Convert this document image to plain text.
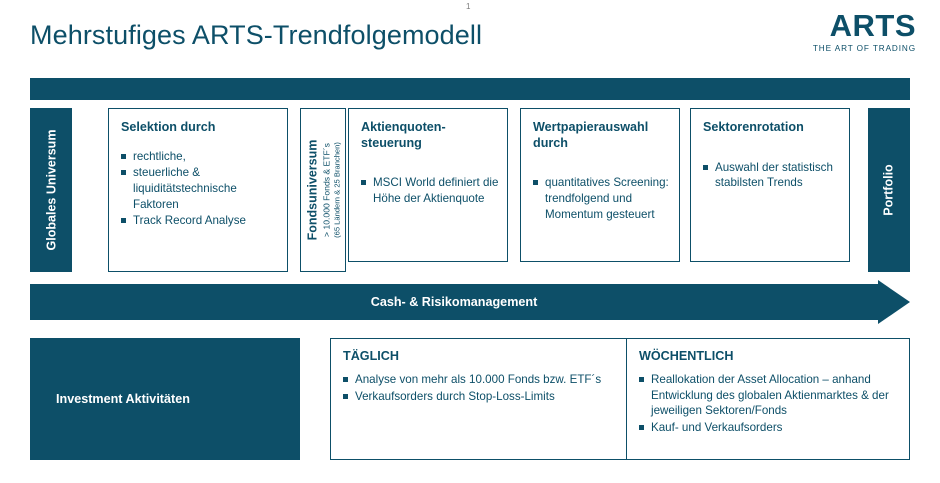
1
Mehrstufiges ARTS-Trendfolgemodell	ARTS
THE ART OF TRADING
Globales Universum
Selektion durch
rechtliche,
steuerliche & liquiditätstechnische Faktoren
Track Record Analyse	Fondsuniversum > 10.000 Fonds & ETF´s (65 Ländern & 25 Branchen)
Aktienquoten-steuerung
MSCI World definiert die Höhe der Aktienquote
Wertpapierauswahl durch
quantitatives Screening: trendfolgend und Momentum gesteuert
Sektorenrotation
Auswahl der statistisch stabilsten Trends	Portfolio
Cash- & Risikomanagement
Investment Aktivitäten
TÄGLICH
Analyse von mehr als 10.000 Fonds bzw. ETF´s
Verkaufsorders durch Stop-Loss-Limits
WÖCHENTLICH
Reallokation der Asset Allocation – anhand Entwicklung des globalen Aktienmarktes & der jeweiligen Sektoren/Fonds
Kauf- und Verkaufsorders
